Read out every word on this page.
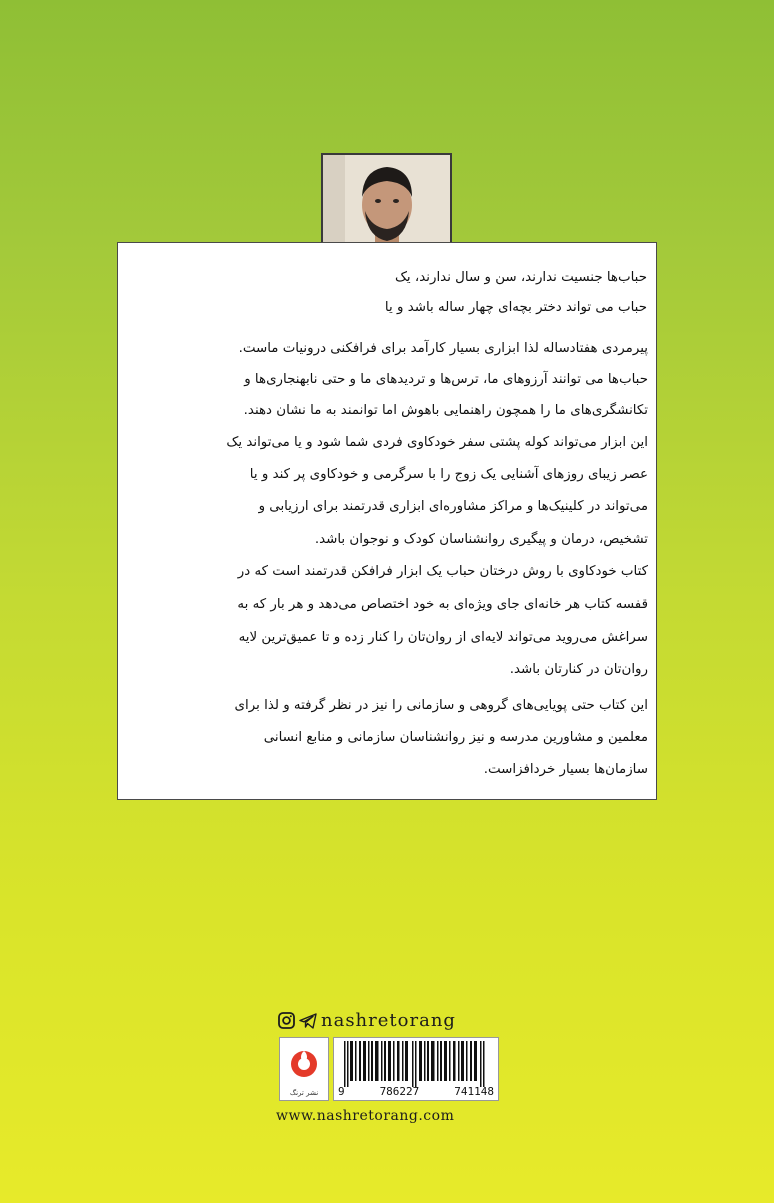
حباب‌ها جنسیت ندارند، سن و سال ندارند، یک
حباب می تواند دختر بچه‌ای چهار ساله باشد و یا
پیرمردی هفتادساله لذا ابزاری بسیار کارآمد برای فرافکنی درونیات ماست.
حباب‌ها می توانند آرزوهای ما، ترس‌ها و تردیدهای ما و حتی نابهنجاری‌ها و
تکانشگری‌های ما را همچون راهنمایی باهوش اما توانمند به ما نشان دهند.
این ابزار می‌تواند کوله پشتی سفر خودکاوی فردی شما شود و یا می‌تواند یک
عصر زیبای روزهای آشنایی یک زوج را با سرگرمی و خودکاوی پر کند و یا
می‌تواند در کلینیک‌ها و مراکز مشاوره‌ای ابزاری قدرتمند برای ارزیابی و
تشخیص، درمان و پیگیری روانشناسان کودک و نوجوان باشد.
کتاب خودکاوی با روش درختان حباب یک ابزار فرافکن قدرتمند است که در
قفسه کتاب هر خانه‌ای جای ویژه‌ای به خود اختصاص می‌دهد و هر بار که به
سراغش می‌روید می‌تواند لایه‌ای از روان‌تان را کنار زده و تا عمیق‌ترین لایه
روان‌تان در کنارتان باشد.
این کتاب حتی پویایی‌های گروهی و سازمانی را نیز در نظر گرفته و لذا برای
معلمین و مشاورین مدرسه و نیز روانشناسان سازمانی و منابع انسانی
سازمان‌ها بسیار خردافزاست.
nashretorang
نشر ترنگ	9	786227	741148
www.nashretorang.com
